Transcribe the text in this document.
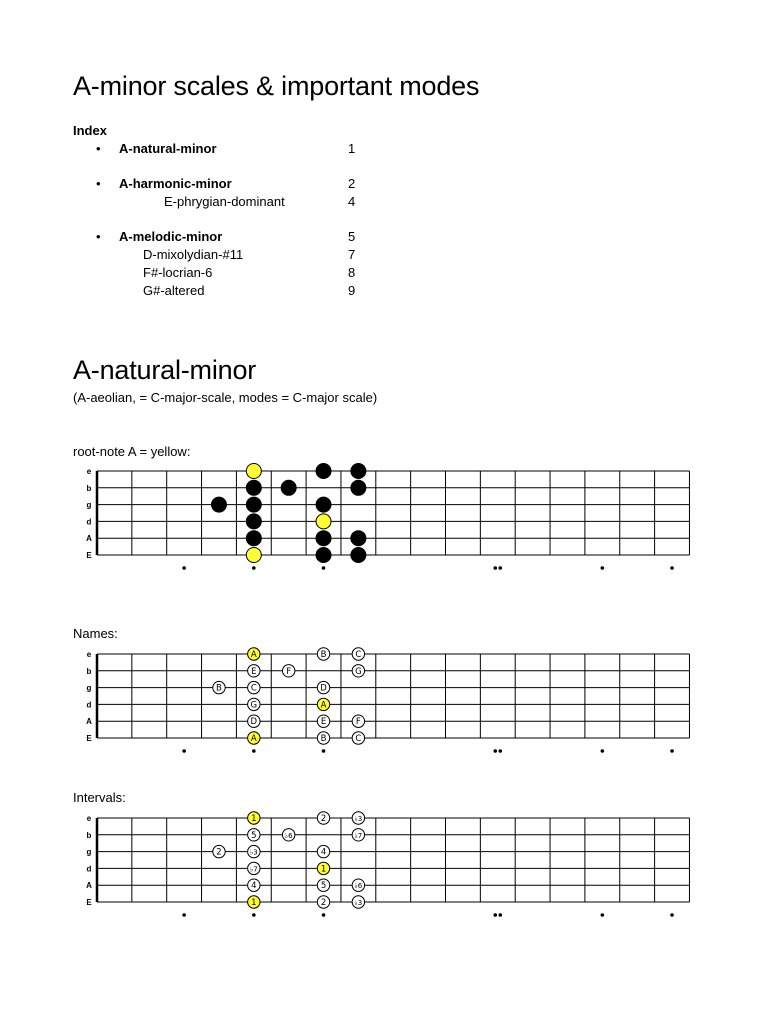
A-minor scales & important modes
Index
• A-natural-minor	1
• A-harmonic-minor	2
E-phrygian-dominant	4
• A-melodic-minor	5
D-mixolydian-#11	7
F#-locrian-6	8
G#-altered	9
A-natural-minor
(A-aeolian, = C-major-scale, modes = C-major scale)
root-note A = yellow:
Names:
Intervals:
e
b
g
d
A
E
e
b
g
d
A
E
A	B	C
E	F	G
B	C	D
G	A
D	E	F
A	B	C
e
b
g
d
A
E
1	2	♭3
5	♭6	♭7
2	♭3	4
♭7	1
4	5	♭6
1	2	♭3
